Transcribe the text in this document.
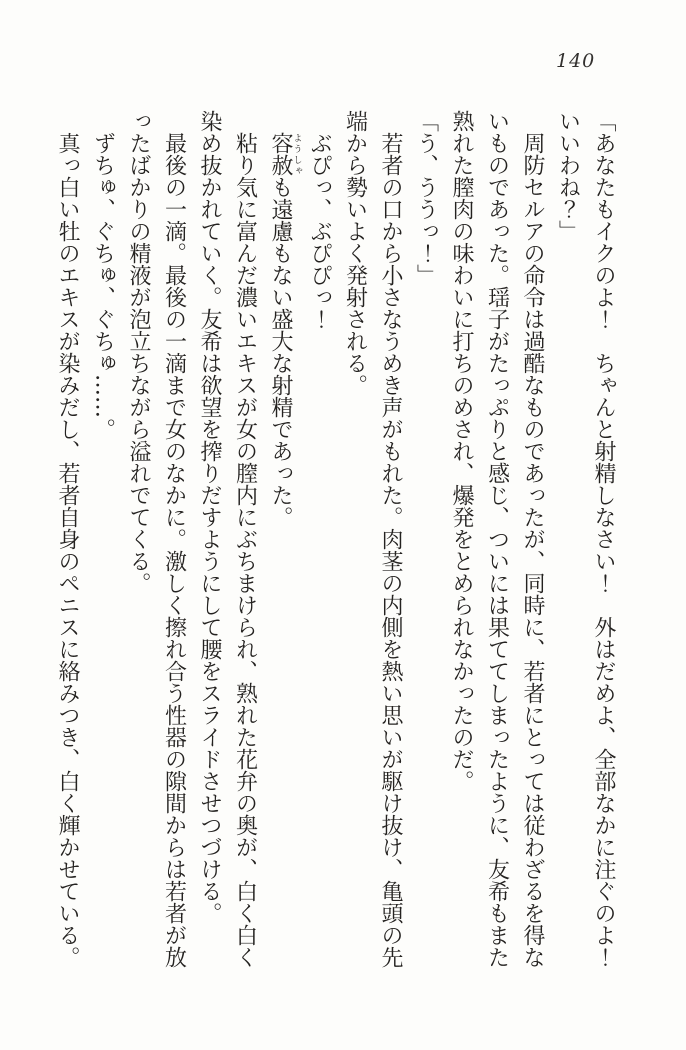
140

「あなたもイクのよ！　ちゃんと射精しなさい！　外はだめよ、全部なかに注ぐのよ！　いいわね？」

周防セルアの命令は過酷なものであったが、同時に、若者にとっては従わざるを得ないものであった。瑶子がたっぷりと感じ、ついには果ててしまったように、友希もまた熟れた膣肉の味わいに打ちのめされ、爆発をとめられなかったのだ。

「う、ううっ！」

若者の口から小さなうめき声がもれた。肉茎の内側を熱い思いが駆け抜け、亀頭の先端から勢いよく発射される。

ぶぴっ、ぶぴぴっ！

容赦ようしゃも遠慮もない盛大な射精であった。

粘り気に富んだ濃いエキスが女の膣内にぶちまけられ、熟れた花弁の奥が、白く白く染め抜かれていく。友希は欲望を搾りだすようにして腰をスライドさせつづける。

最後の一滴。最後の一滴まで女のなかに。激しく擦れ合う性器の隙間からは若者が放ったばかりの精液が泡立ちながら溢れでてくる。

ずちゅ、ぐちゅ、ぐちゅ……。

真っ白い牡のエキスが染みだし、若者自身のペニスに絡みつき、白く輝かせている。
